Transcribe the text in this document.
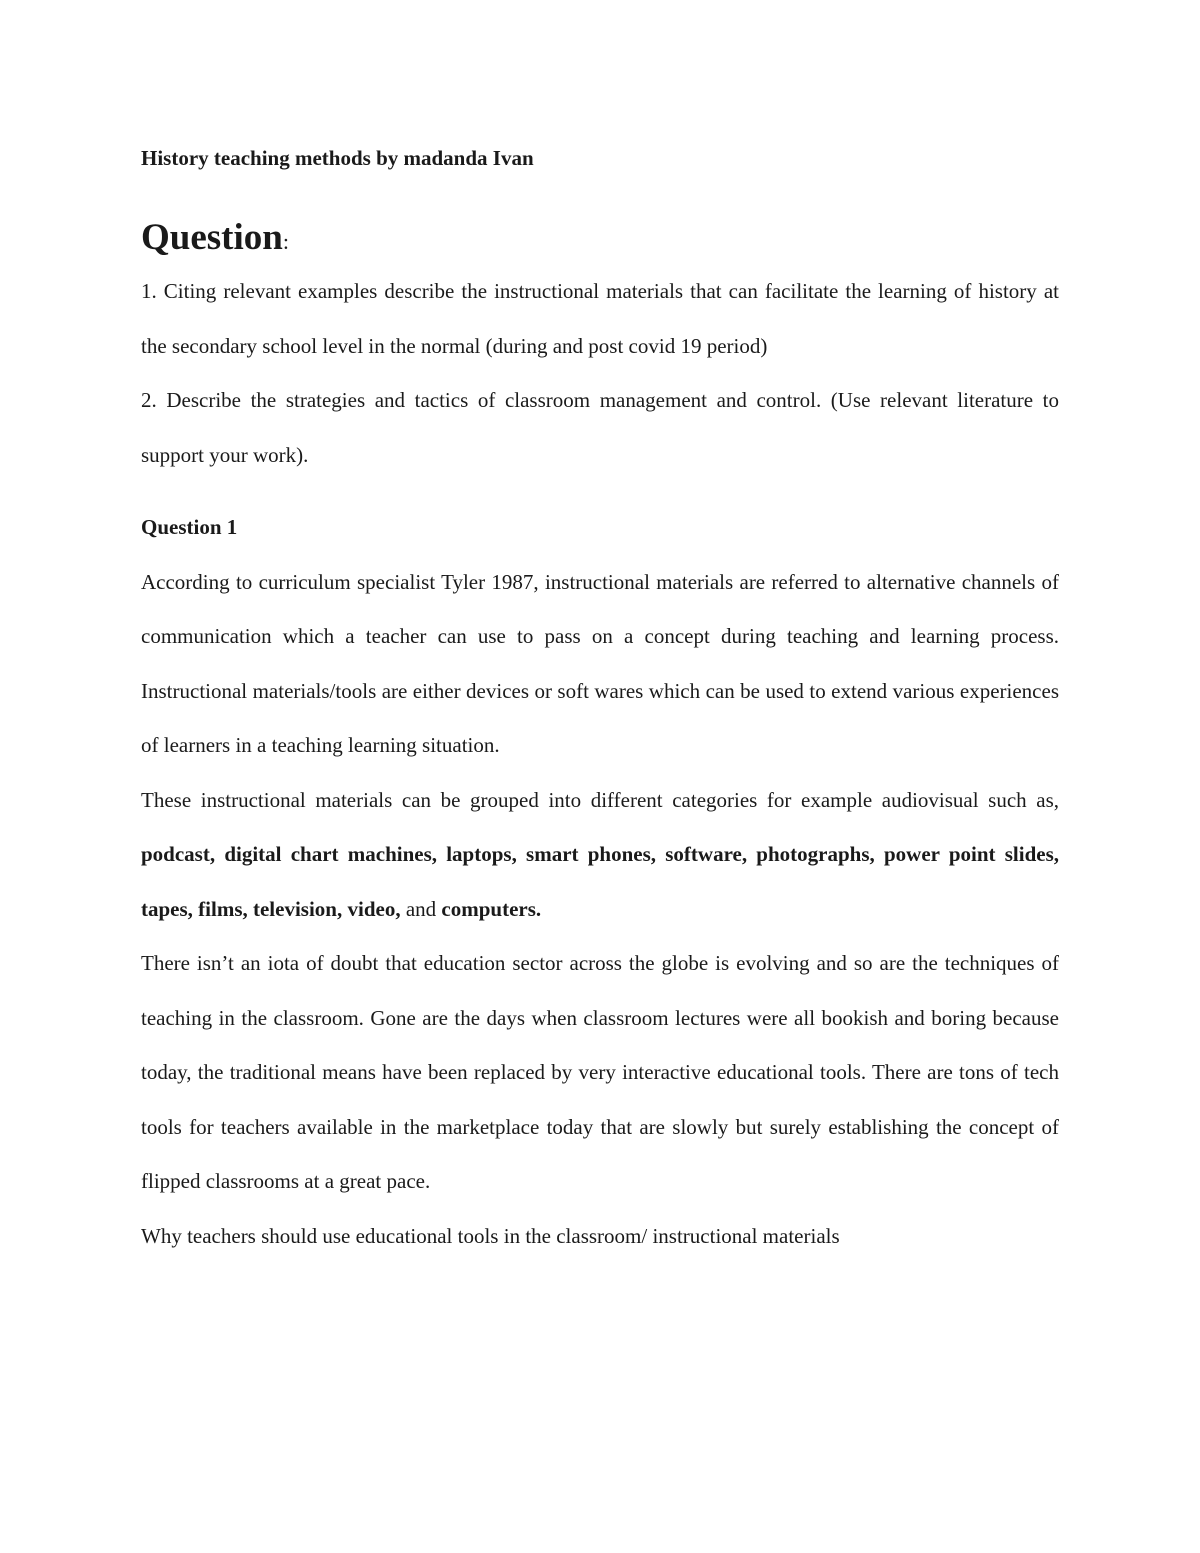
History teaching methods by madanda Ivan
Question:

1. Citing relevant examples describe the instructional materials that can facilitate the learning of history at the secondary school level in the normal (during and post covid 19 period)

2. Describe the strategies and tactics of classroom management and control. (Use relevant literature to support your work).

Question 1

According to curriculum specialist Tyler 1987, instructional materials are referred to alternative channels of communication which a teacher can use to pass on a concept during teaching and learning process. Instructional materials/tools are either devices or soft wares which can be used to extend various experiences of learners in a teaching learning situation.

These instructional materials can be grouped into different categories for example audiovisual such as, podcast, digital chart machines, laptops, smart phones, software, photographs, power point slides, tapes, films, television, video, and computers.

There isn’t an iota of doubt that education sector across the globe is evolving and so are the techniques of teaching in the classroom. Gone are the days when classroom lectures were all bookish and boring because today, the traditional means have been replaced by very interactive educational tools. There are tons of tech tools for teachers available in the marketplace today that are slowly but surely establishing the concept of flipped classrooms at a great pace.

Why teachers should use educational tools in the classroom/ instructional materials
